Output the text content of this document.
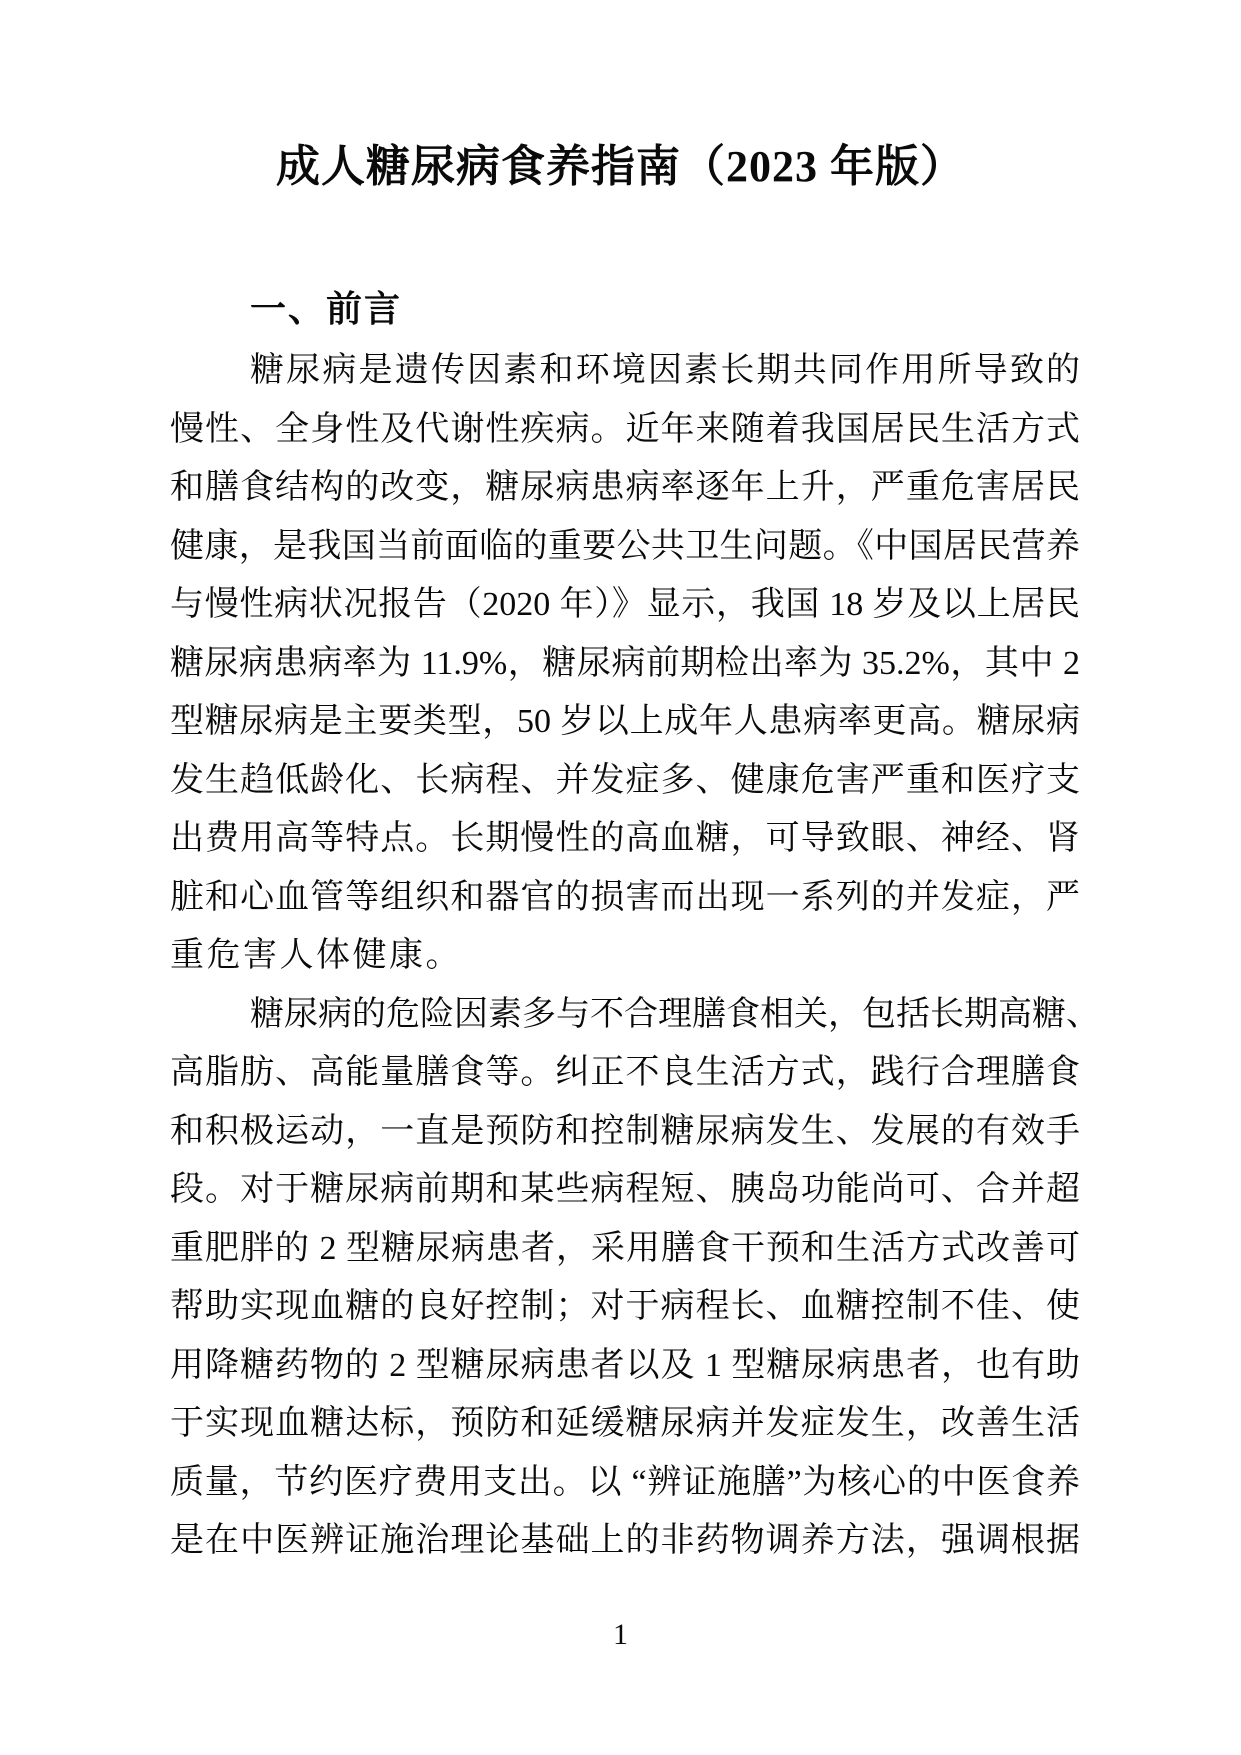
成人糖尿病食养指南（2023 年版）
一、前言
糖尿病是遗传因素和环境因素长期共同作用所导致的
慢性、全身性及代谢性疾病。近年来随着我国居民生活方式
和膳食结构的改变，糖尿病患病率逐年上升，严重危害居民
健康，是我国当前面临的重要公共卫生问题。《中国居民营养
与慢性病状况报告（2020 年）》显示，我国 18 岁及以上居民
糖尿病患病率为 11.9%，糖尿病前期检出率为 35.2%，其中 2
型糖尿病是主要类型，50 岁以上成年人患病率更高。糖尿病
发生趋低龄化、长病程、并发症多、健康危害严重和医疗支
出费用高等特点。长期慢性的高血糖，可导致眼、神经、肾
脏和心血管等组织和器官的损害而出现一系列的并发症，严
重危害人体健康。
糖尿病的危险因素多与不合理膳食相关，包括长期高糖、
高脂肪、高能量膳食等。纠正不良生活方式，践行合理膳食
和积极运动，一直是预防和控制糖尿病发生、发展的有效手
段。对于糖尿病前期和某些病程短、胰岛功能尚可、合并超
重肥胖的 2 型糖尿病患者，采用膳食干预和生活方式改善可
帮助实现血糖的良好控制；对于病程长、血糖控制不佳、使
用降糖药物的 2 型糖尿病患者以及 1 型糖尿病患者，也有助
于实现血糖达标，预防和延缓糖尿病并发症发生，改善生活
质量，节约医疗费用支出。以 “辨证施膳”为核心的中医食养
是在中医辨证施治理论基础上的非药物调养方法，强调根据
1
